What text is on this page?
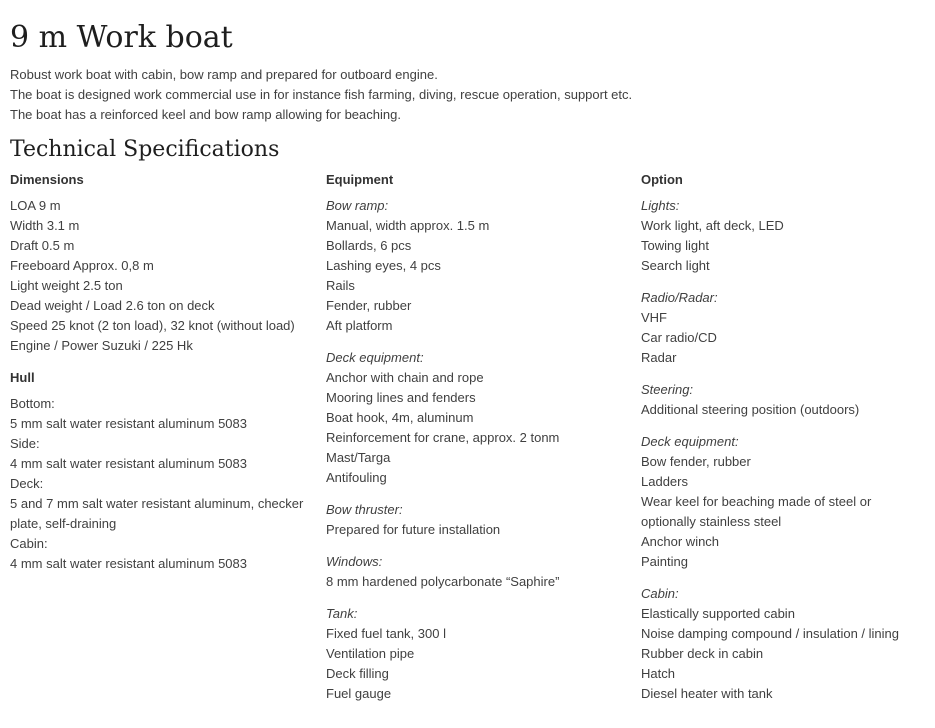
9 m Work boat

Robust work boat with cabin, bow ramp and prepared for outboard engine.

The boat is designed work commercial use in for instance fish farming, diving, rescue operation, support etc.

The boat has a reinforced keel and bow ramp allowing for beaching.

Technical Specifications
Dimensions
LOA 9 m
Width 3.1 m
Draft 0.5 m
Freeboard Approx. 0,8 m
Light weight 2.5 ton
Dead weight / Load 2.6 ton on deck
Speed 25 knot (2 ton load), 32 knot (without load)
Engine / Power Suzuki / 225 Hk
Hull
Bottom:
5 mm salt water resistant aluminum 5083
Side:
4 mm salt water resistant aluminum 5083
Deck:
5 and 7 mm salt water resistant aluminum, checker plate, self-draining
Cabin:
4 mm salt water resistant aluminum 5083
Equipment
Bow ramp:
Manual, width approx. 1.5 m
Bollards, 6 pcs
Lashing eyes, 4 pcs
Rails
Fender, rubber
Aft platform
Deck equipment:
Anchor with chain and rope
Mooring lines and fenders
Boat hook, 4m, aluminum
Reinforcement for crane, approx. 2 tonm
Mast/Targa
Antifouling
Bow thruster:
Prepared for future installation
Windows:
8 mm hardened polycarbonate “Saphire”
Tank:
Fixed fuel tank, 300 l
Ventilation pipe
Deck filling
Fuel gauge
Option
Lights:
Work light, aft deck, LED
Towing light
Search light
Radio/Radar:
VHF
Car radio/CD
Radar
Steering:
Additional steering position (outdoors)
Deck equipment:
Bow fender, rubber
Ladders
Wear keel for beaching made of steel or optionally stainless steel
Anchor winch
Painting
Cabin:
Elastically supported cabin
Noise damping compound / insulation / lining
Rubber deck in cabin
Hatch
Diesel heater with tank
